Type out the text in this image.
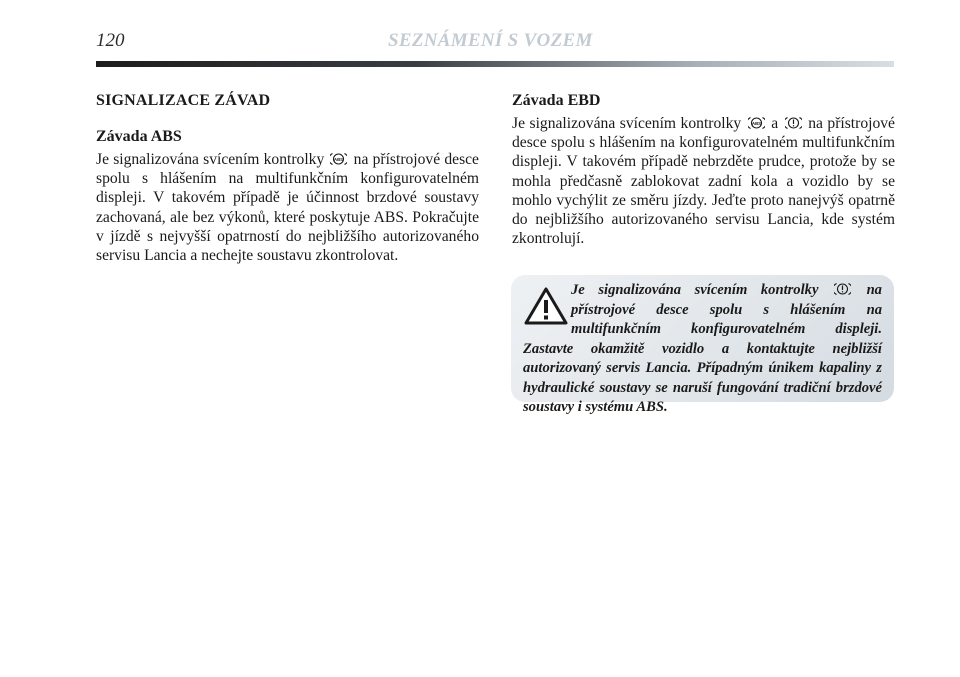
120	SEZNÁMENÍ S VOZEM
SIGNALIZACE ZÁVAD
Závada ABS

Je signalizována svícením kontrolky ABS na přístrojové desce spolu s hlášením na multifunkčním konfigurovatelném displeji. V takovém případě je účinnost brzdové soustavy zachovaná, ale bez výkonů, které poskytuje ABS. Pokračujte v jízdě s nejvyšší opatrností do nejbližšího autorizovaného servisu Lancia a nechejte soustavu zkontrolovat.

Závada EBD

Je signalizována svícením kontrolky ABS a na přístrojové desce spolu s hlášením na konfigurovatelném multifunkčním displeji. V takovém případě nebrzděte prudce, protože by se mohla předčasně zablokovat zadní kola a vozidlo by se mohlo vychýlit ze směru jízdy. Jeďte proto nanejvýš opatrně do nejbližšího autorizovaného servisu Lancia, kde systém zkontrolují.

Je signalizována svícením kontrolky	na přístrojové desce spolu s hlášením na multifunkčním konfigurovatelném displeji. Zastavte okamžitě vozidlo a kontaktujte nejbližší autorizovaný servis Lancia. Případným únikem kapaliny z hydraulické soustavy se naruší fungování tradiční brzdové soustavy i systému ABS.
